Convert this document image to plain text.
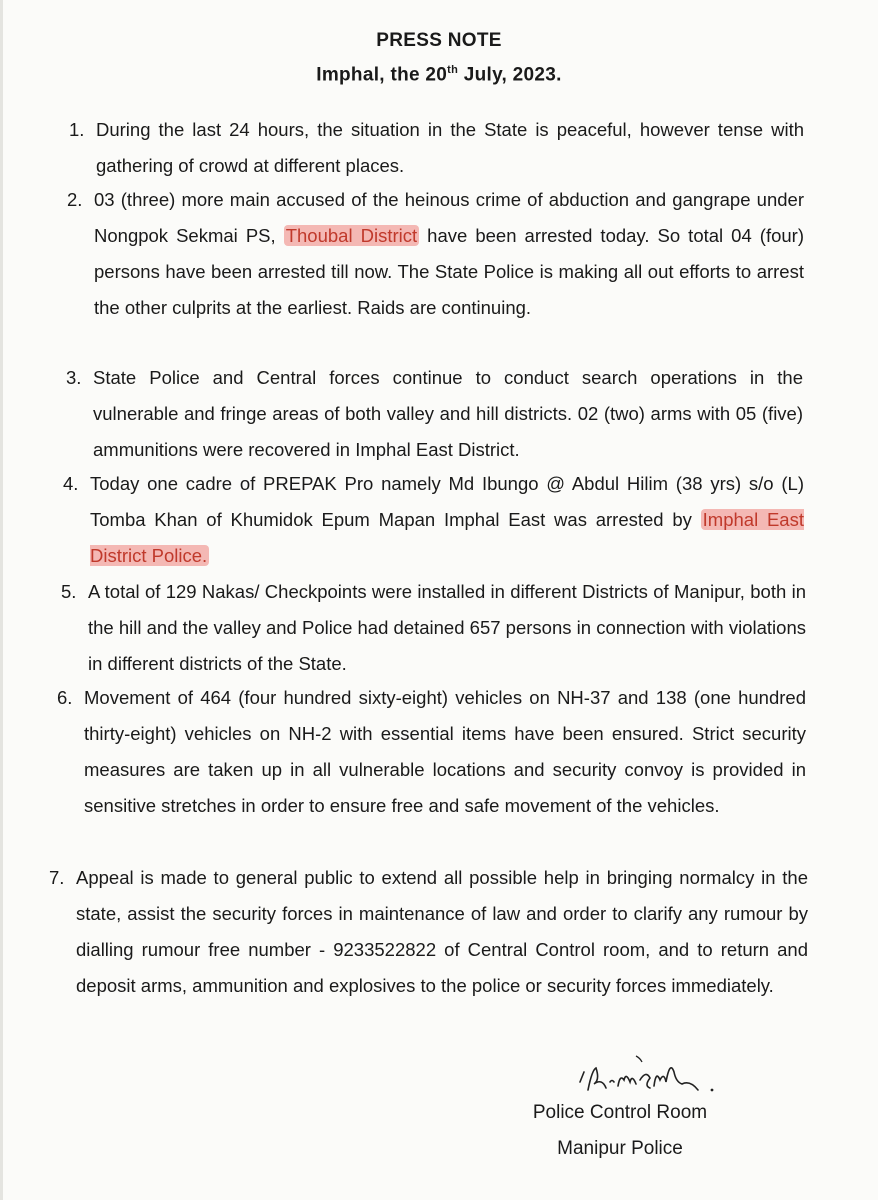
PRESS NOTE
Imphal, the 20th July, 2023.
1. During the last 24 hours, the situation in the State is peaceful, however tense with gathering of crowd at different places.
2. 03 (three) more main accused of the heinous crime of abduction and gangrape under Nongpok Sekmai PS, Thoubal District have been arrested today. So total 04 (four) persons have been arrested till now. The State Police is making all out efforts to arrest the other culprits at the earliest. Raids are continuing.
3. State Police and Central forces continue to conduct search operations in the vulnerable and fringe areas of both valley and hill districts. 02 (two) arms with 05 (five) ammunitions were recovered in Imphal East District.
4. Today one cadre of PREPAK Pro namely Md Ibungo @ Abdul Hilim (38 yrs) s/o (L) Tomba Khan of Khumidok Epum Mapan Imphal East was arrested by Imphal East District Police.
5. A total of 129 Nakas/ Checkpoints were installed in different Districts of Manipur, both in the hill and the valley and Police had detained 657 persons in connection with violations in different districts of the State.
6. Movement of 464 (four hundred sixty-eight) vehicles on NH-37 and 138 (one hundred thirty-eight) vehicles on NH-2 with essential items have been ensured. Strict security measures are taken up in all vulnerable locations and security convoy is provided in sensitive stretches in order to ensure free and safe movement of the vehicles.
7. Appeal is made to general public to extend all possible help in bringing normalcy in the state, assist the security forces in maintenance of law and order to clarify any rumour by dialling rumour free number - 9233522822 of Central Control room, and to return and deposit arms, ammunition and explosives to the police or security forces immediately.
Police Control Room
Manipur Police
